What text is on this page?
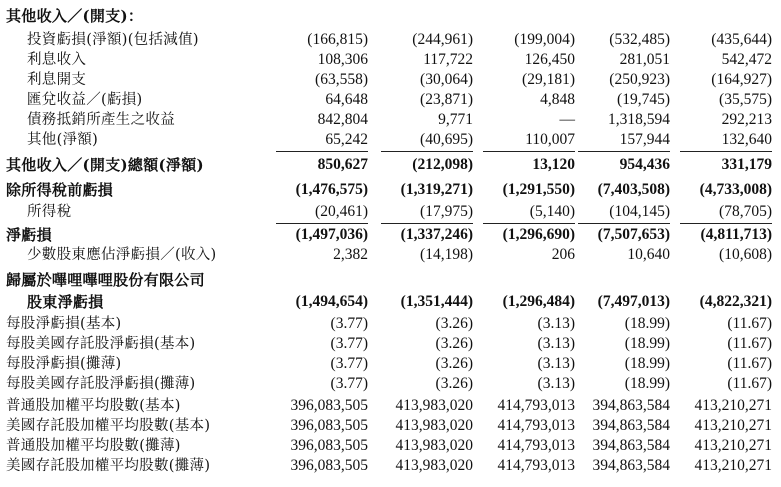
其他收入／(開支)：
投資虧損(淨額)(包括減值)	(166,815)	(244,961)	(199,004)	(532,485)	(435,644)
利息收入	108,306	117,722	126,450	281,051	542,472
利息開支	(63,558)	(30,064)	(29,181)	(250,923)	(164,927)
匯兌收益／(虧損)	64,648	(23,871)	4,848	(19,745)	(35,575)
債務抵銷所產生之收益	842,804	9,771	—	1,318,594	292,213
其他(淨額)	65,242	(40,695)	110,007	157,944	132,640
其他收入／(開支)總額(淨額)	850,627	(212,098)	13,120	954,436	331,179
除所得稅前虧損	(1,476,575)	(1,319,271)	(1,291,550)	(7,403,508)	(4,733,008)
所得稅	(20,461)	(17,975)	(5,140)	(104,145)	(78,705)
淨虧損	(1,497,036)	(1,337,246)	(1,296,690)	(7,507,653)	(4,811,713)
少數股東應佔淨虧損／(收入)	2,382	(14,198)	206	10,640	(10,608)
歸屬於嗶哩嗶哩股份有限公司
股東淨虧損	(1,494,654)	(1,351,444)	(1,296,484)	(7,497,013)	(4,822,321)
每股淨虧損(基本)	(3.77)	(3.26)	(3.13)	(18.99)	(11.67)
每股美國存託股淨虧損(基本)	(3.77)	(3.26)	(3.13)	(18.99)	(11.67)
每股淨虧損(攤薄)	(3.77)	(3.26)	(3.13)	(18.99)	(11.67)
每股美國存託股淨虧損(攤薄)	(3.77)	(3.26)	(3.13)	(18.99)	(11.67)
普通股加權平均股數(基本)	396,083,505	413,983,020	414,793,013	394,863,584	413,210,271
美國存託股加權平均股數(基本)	396,083,505	413,983,020	414,793,013	394,863,584	413,210,271
普通股加權平均股數(攤薄)	396,083,505	413,983,020	414,793,013	394,863,584	413,210,271
美國存託股加權平均股數(攤薄)	396,083,505	413,983,020	414,793,013	394,863,584	413,210,271
